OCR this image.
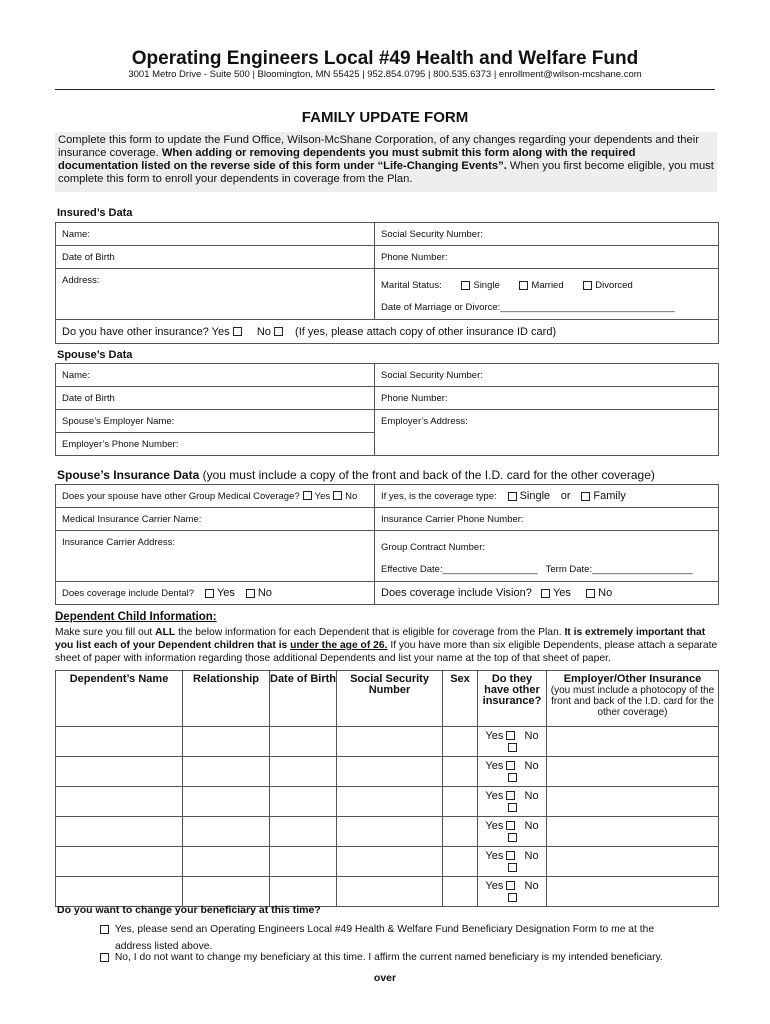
Operating Engineers Local #49 Health and Welfare Fund
3001 Metro Drive - Suite 500 | Bloomington, MN 55425 | 952.854.0795 | 800.535.6373 | enrollment@wilson-mcshane.com
FAMILY UPDATE FORM
Complete this form to update the Fund Office, Wilson-McShane Corporation, of any changes regarding your dependents and their insurance coverage. When adding or removing dependents you must submit this form along with the required documentation listed on the reverse side of this form under “Life-Changing Events”. When you first become eligible, you must complete this form to enroll your dependents in coverage from the Plan.
Insured’s Data
Name:	Social Security Number:
Date of Birth	Phone Number:
Address:	Marital Status: Single Married Divorced
Date of Marriage or Divorce:_________________________________
Do you have other insurance? Yes No (If yes, please attach copy of other insurance ID card)	
Spouse’s Data
Name:	Social Security Number:
Date of Birth	Phone Number:
Spouse’s Employer Name:	Employer’s Address:
Employer’s Phone Number:	
Spouse’s Insurance Data (you must include a copy of the front and back of the I.D. card for the other coverage)
Does your spouse have other Group Medical Coverage? Yes No	If yes, is the coverage type: Single or Family
Medical Insurance Carrier Name:	Insurance Carrier Phone Number:
Insurance Carrier Address:	Group Contract Number:
Effective Date:__________________ Term Date:___________________
Does coverage include Dental? Yes No	Does coverage include Vision? Yes No
Dependent Child Information:
Make sure you fill out ALL the below information for each Dependent that is eligible for coverage from the Plan. It is extremely important that you list each of your Dependent children that is under the age of 26. If you have more than six eligible Dependents, please attach a separate sheet of paper with information regarding those additional Dependents and list your name at the top of that sheet of paper.
Dependent’s Name	Relationship	Date of Birth	Social Security Number	Sex	Do they have other insurance?	Employer/Other Insurance
(you must include a photocopy of the front and back of the I.D. card for the other coverage)
					Yes No	
					Yes No	
					Yes No	
					Yes No	
					Yes No	
					Yes No	
Do you want to change your beneficiary at this time?
Yes, please send an Operating Engineers Local #49 Health & Welfare Fund Beneficiary Designation Form to me at the
address listed above.
No, I do not want to change my beneficiary at this time. I affirm the current named beneficiary is my intended beneficiary.
over
